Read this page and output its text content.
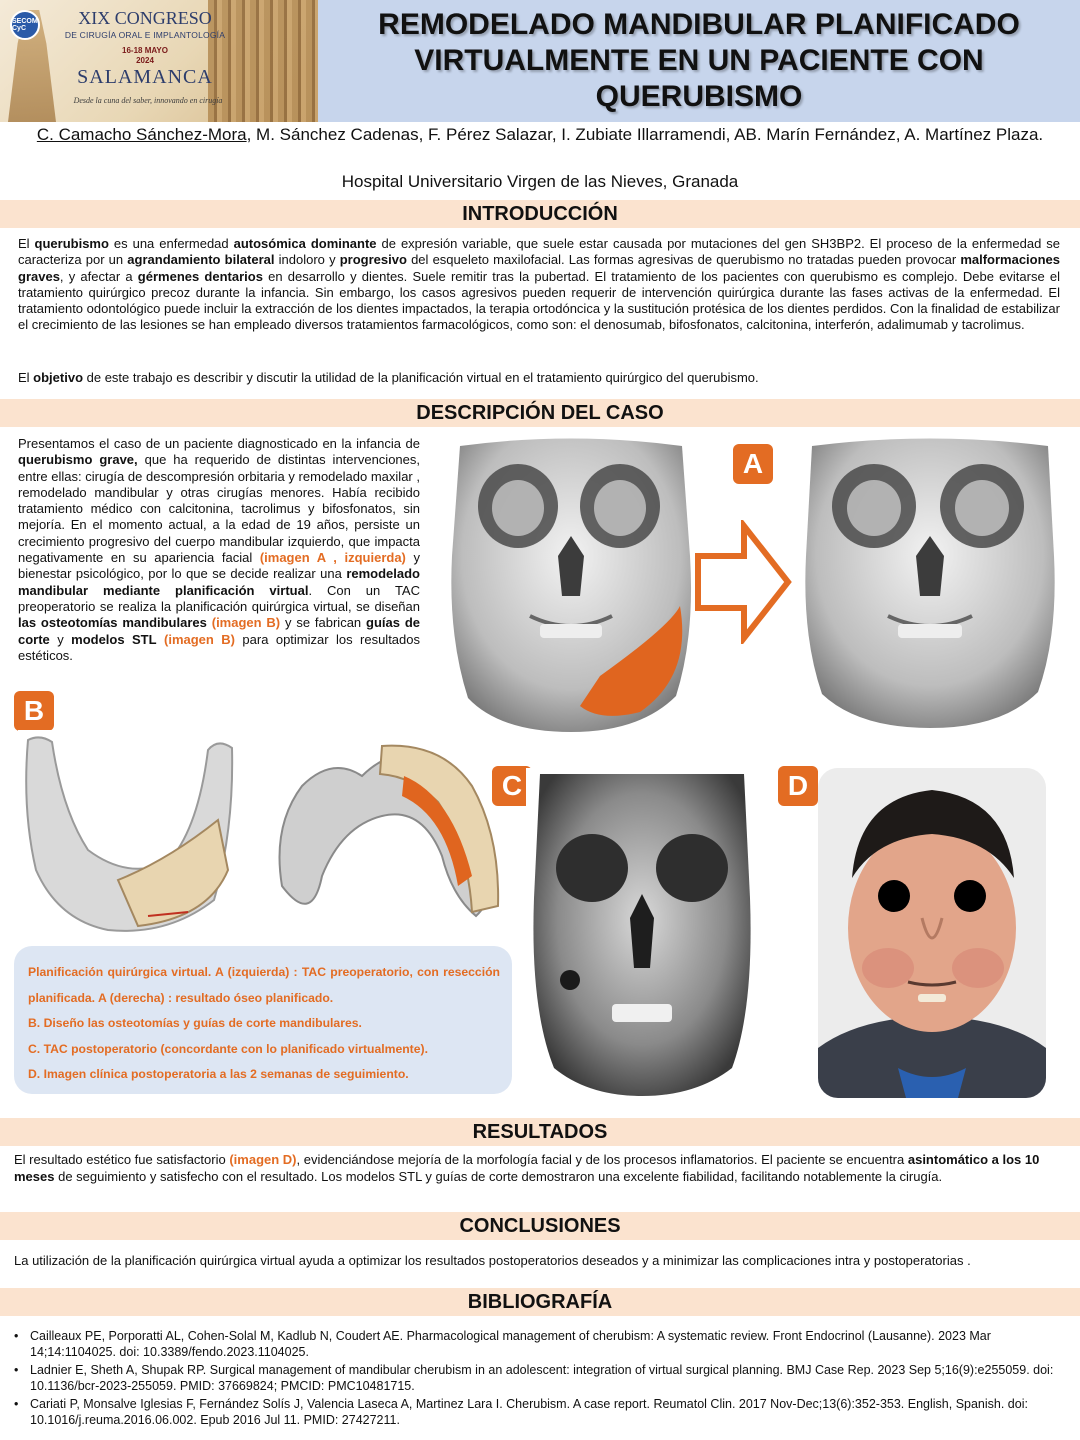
SECOM CyC
XIX CONGRESO
DE CIRUGÍA ORAL E IMPLANTOLOGÍA
16-18 MAYO
2024
SALAMANCA
Desde la cuna del saber, innovando en cirugía
REMODELADO MANDIBULAR PLANIFICADO VIRTUALMENTE EN UN PACIENTE CON QUERUBISMO
C. Camacho Sánchez-Mora, M. Sánchez Cadenas, F. Pérez Salazar, I. Zubiate Illarramendi, AB. Marín Fernández, A. Martínez Plaza.
Hospital Universitario Virgen de las Nieves, Granada
INTRODUCCIÓN
El querubismo es una enfermedad autosómica dominante de expresión variable, que suele estar causada por mutaciones del gen SH3BP2. El proceso de la enfermedad se caracteriza por un agrandamiento bilateral indoloro y progresivo del esqueleto maxilofacial. Las formas agresivas de querubismo no tratadas pueden provocar malformaciones graves, y afectar a gérmenes dentarios en desarrollo y dientes. Suele remitir tras la pubertad. El tratamiento de los pacientes con querubismo es complejo. Debe evitarse el tratamiento quirúrgico precoz durante la infancia. Sin embargo, los casos agresivos pueden requerir de intervención quirúrgica durante las fases activas de la enfermedad. El tratamiento odontológico puede incluir la extracción de los dientes impactados, la terapia ortodóncica y la sustitución protésica de los dientes perdidos. Con la finalidad de estabilizar el crecimiento de las lesiones se han empleado diversos tratamientos farmacológicos, como son: el denosumab, bifosfonatos, calcitonina, interferón, adalimumab y tacrolimus.
El objetivo de este trabajo es describir y discutir la utilidad de la planificación virtual en el tratamiento quirúrgico del querubismo.
DESCRIPCIÓN DEL CASO
Presentamos el caso de un paciente diagnosticado en la infancia de querubismo grave, que ha requerido de distintas intervenciones, entre ellas: cirugía de descompresión orbitaria y remodelado maxilar , remodelado mandibular y otras cirugías menores. Había recibido tratamiento médico con calcitonina, tacrolimus y bifosfonatos, sin mejoría. En el momento actual, a la edad de 19 años, persiste un crecimiento progresivo del cuerpo mandibular izquierdo, que impacta negativamente en su apariencia facial (imagen A , izquierda) y bienestar psicológico, por lo que se decide realizar una remodelado mandibular mediante planificación virtual. Con un TAC preoperatorio se realiza la planificación quirúrgica virtual, se diseñan las osteotomías mandibulares (imagen B) y se fabrican guías de corte y modelos STL (imagen B) para optimizar los resultados estéticos.
A
B
C	D

Planificación quirúrgica virtual. A (izquierda) : TAC preoperatorio, con resección planificada. A (derecha) : resultado óseo planificado.

B. Diseño las osteotomías y guías de corte mandibulares.

C. TAC postoperatorio (concordante con lo planificado virtualmente).

D. Imagen clínica postoperatoria a las 2 semanas de seguimiento.

RESULTADOS
El resultado estético fue satisfactorio (imagen D), evidenciándose mejoría de la morfología facial y de los procesos inflamatorios. El paciente se encuentra asintomático a los 10 meses de seguimiento y satisfecho con el resultado. Los modelos STL y guías de corte demostraron una excelente fiabilidad, facilitando notablemente la cirugía.
CONCLUSIONES
La utilización de la planificación quirúrgica virtual ayuda a optimizar los resultados postoperatorios deseados y a minimizar las complicaciones intra y postoperatorias .
BIBLIOGRAFÍA
• Cailleaux PE, Porporatti AL, Cohen-Solal M, Kadlub N, Coudert AE. Pharmacological management of cherubism: A systematic review. Front Endocrinol (Lausanne). 2023 Mar 14;14:1104025. doi: 10.3389/fendo.2023.1104025.
• Ladnier E, Sheth A, Shupak RP. Surgical management of mandibular cherubism in an adolescent: integration of virtual surgical planning. BMJ Case Rep. 2023 Sep 5;16(9):e255059. doi: 10.1136/bcr-2023-255059. PMID: 37669824; PMCID: PMC10481715.
• Cariati P, Monsalve Iglesias F, Fernández Solís J, Valencia Laseca A, Martinez Lara I. Cherubism. A case report. Reumatol Clin. 2017 Nov-Dec;13(6):352-353. English, Spanish. doi: 10.1016/j.reuma.2016.06.002. Epub 2016 Jul 11. PMID: 27427211.
